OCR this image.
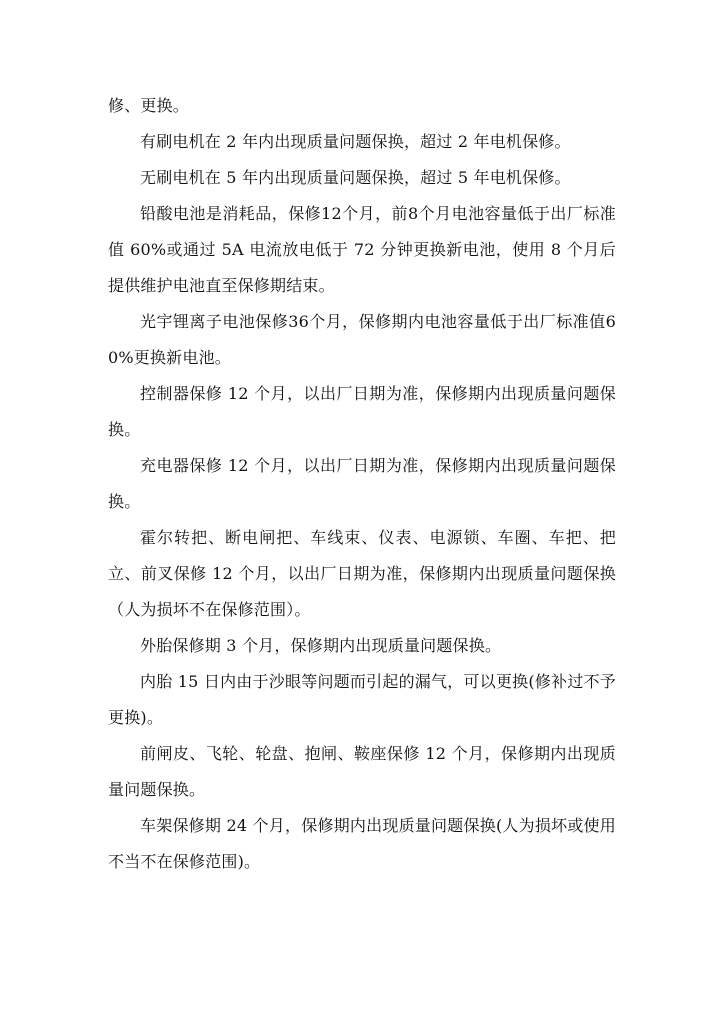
修、更换。

有刷电机在 2 年内出现质量问题保换，超过 2 年电机保修。

无刷电机在 5 年内出现质量问题保换，超过 5 年电机保修。

铅酸电池是消耗品，保修12个月，前8个月电池容量低于出厂标准值 60%或通过 5A 电流放电低于 72 分钟更换新电池，使用 8 个月后提供维护电池直至保修期结束。

光宇锂离子电池保修36个月，保修期内电池容量低于出厂标准值60%更换新电池。

控制器保修 12 个月，以出厂日期为准，保修期内出现质量问题保换。

充电器保修 12 个月，以出厂日期为准，保修期内出现质量问题保换。

霍尔转把、断电闸把、车线束、仪表、电源锁、车圈、车把、把立、前叉保修 12 个月，以出厂日期为准，保修期内出现质量问题保换（人为损坏不在保修范围）。

外胎保修期 3 个月，保修期内出现质量问题保换。

内胎 15 日内由于沙眼等问题而引起的漏气，可以更换(修补过不予更换)。

前闸皮、飞轮、轮盘、抱闸、鞍座保修 12 个月，保修期内出现质量问题保换。

车架保修期 24 个月，保修期内出现质量问题保换(人为损坏或使用不当不在保修范围)。
